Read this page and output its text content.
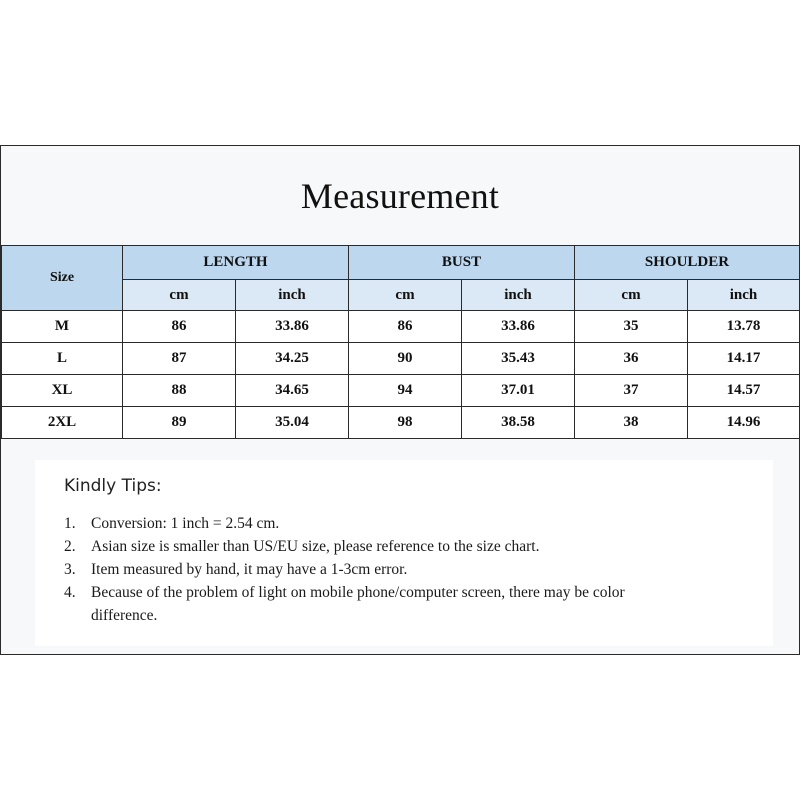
Measurement
Size	LENGTH		BUST		SHOULDER	
	cm	inch	cm	inch	cm	inch
M	86	33.86	86	33.86	35	13.78
L	87	34.25	90	35.43	36	14.17
XL	88	34.65	94	37.01	37	14.57
2XL	89	35.04	98	38.58	38	14.96
Kindly Tips:
1. Conversion: 1 inch = 2.54 cm.
2. Asian size is smaller than US/EU size, please reference to the size chart.
3. Item measured by hand, it may have a 1-3cm error.
4. Because of the problem of light on mobile phone/computer screen, there may be color difference.
